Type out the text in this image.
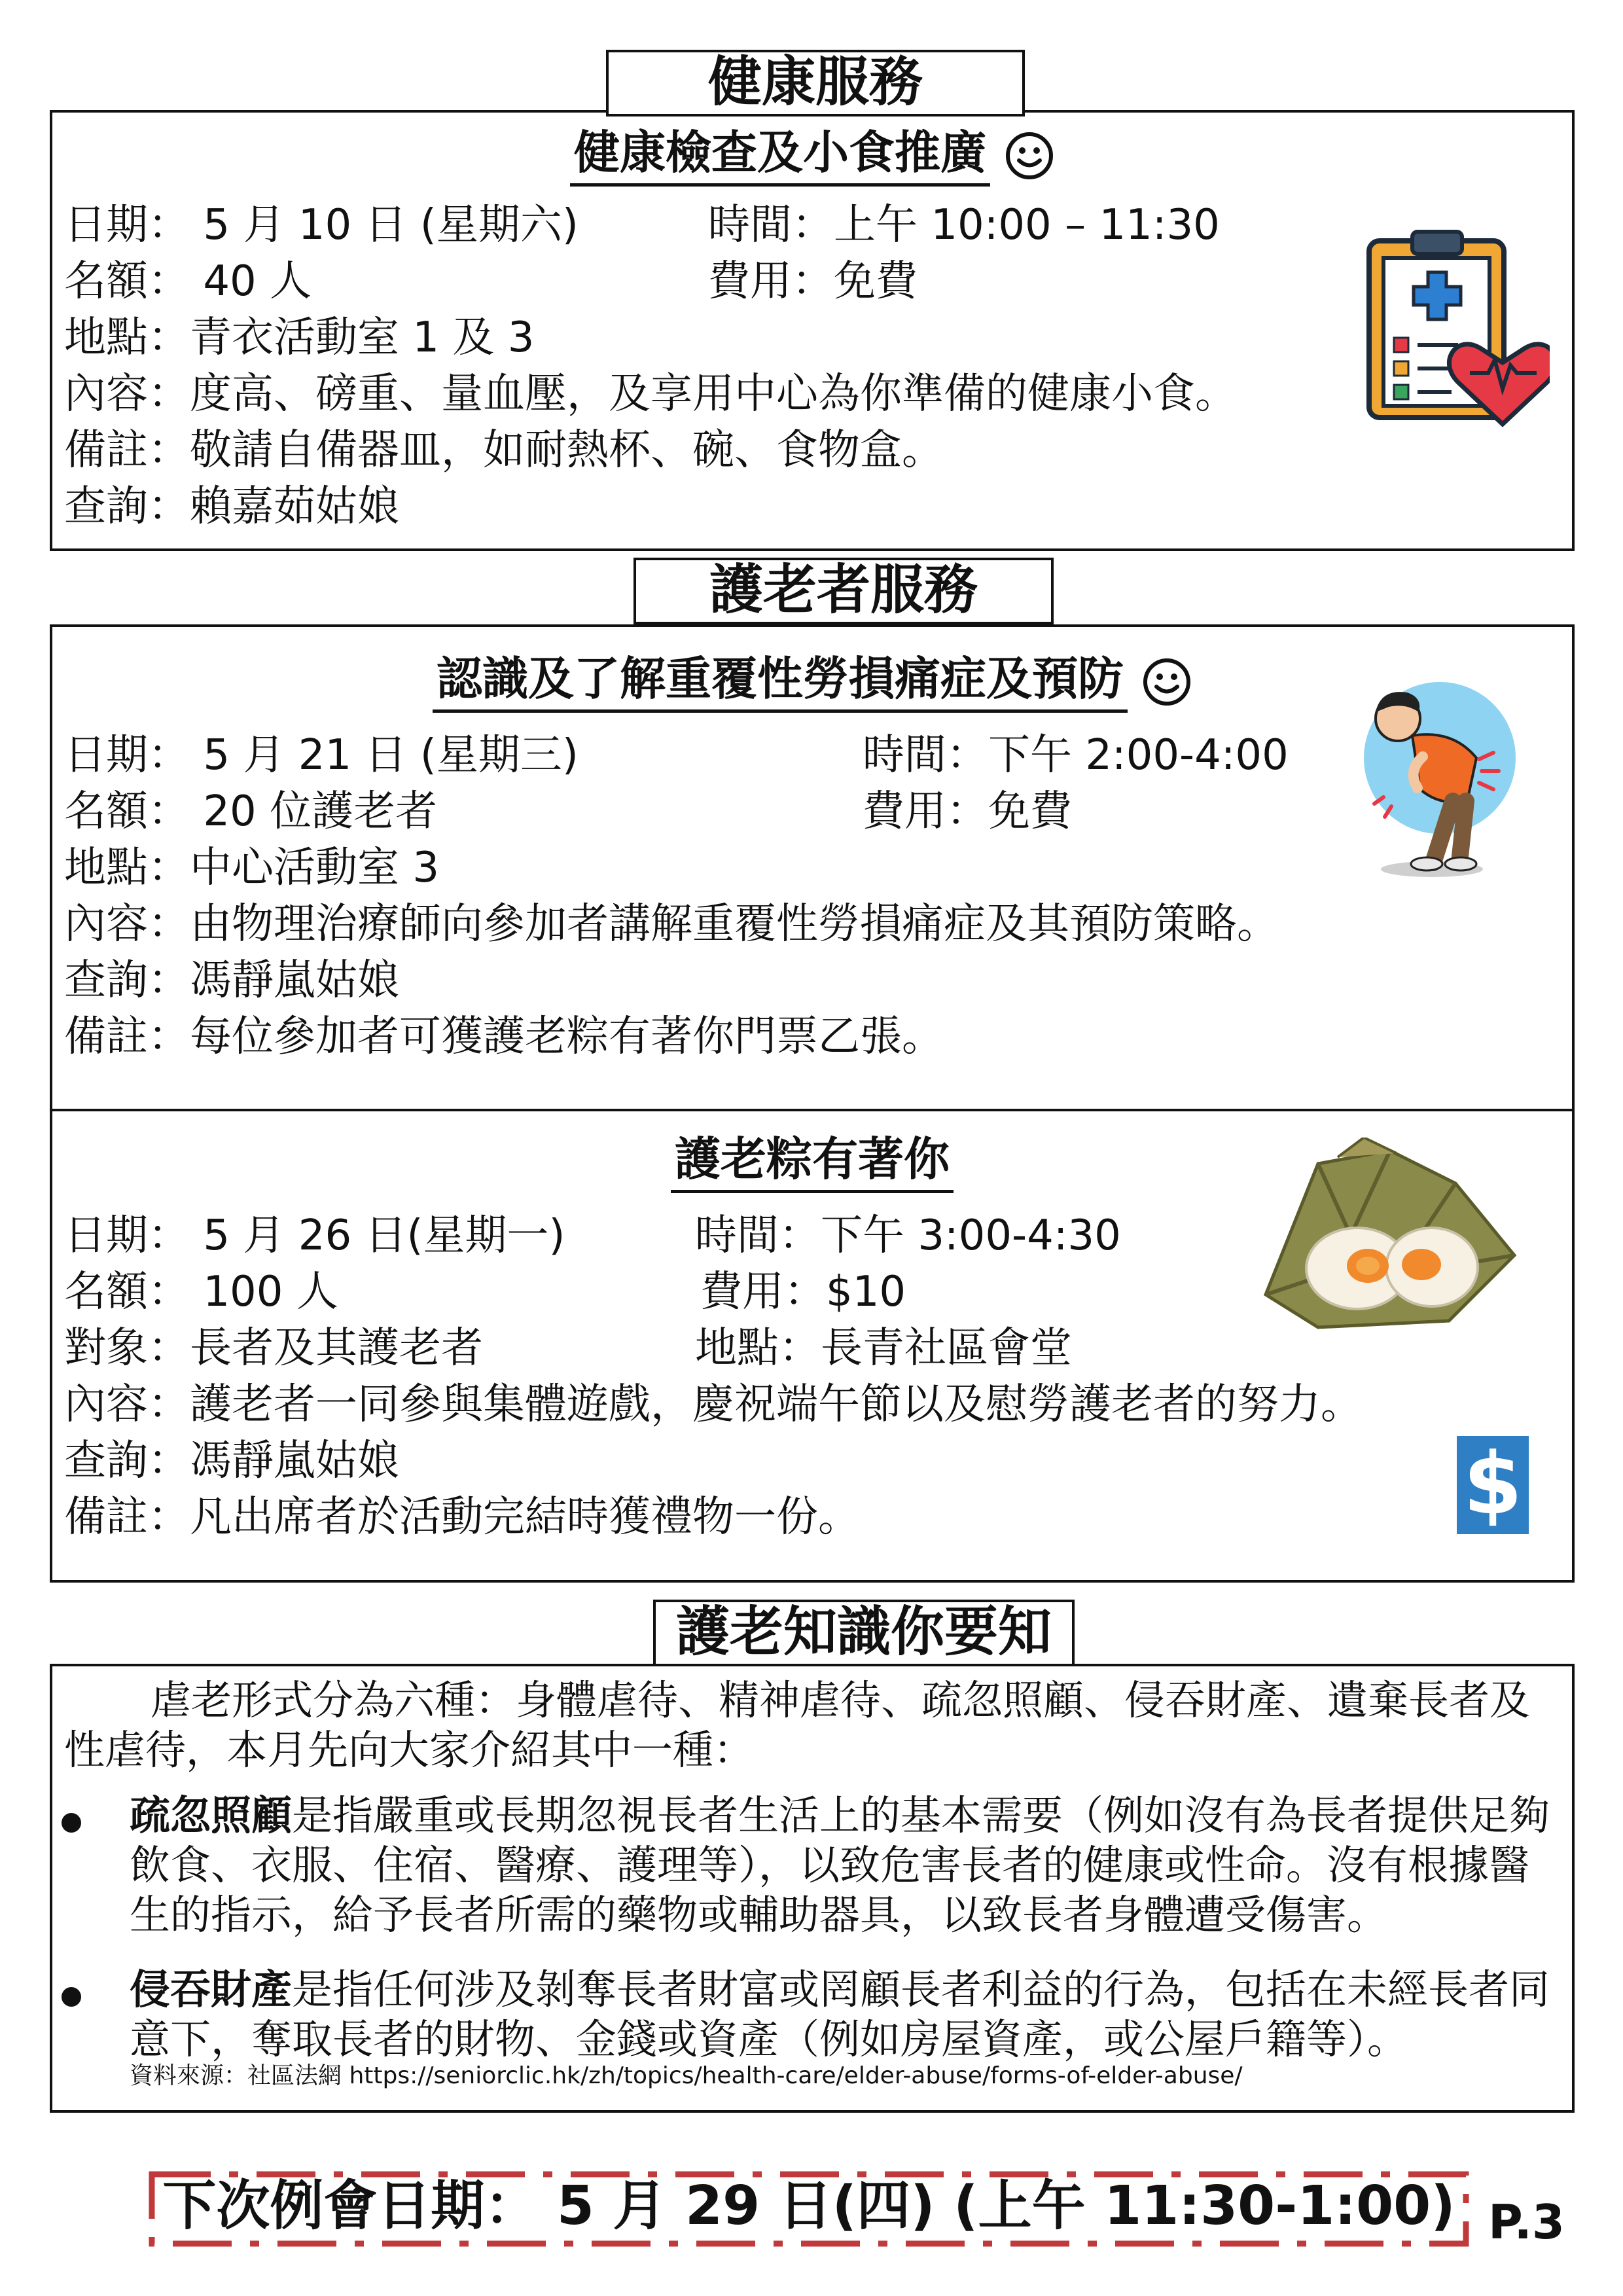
健康服務
健康檢查及小食推廣
日期： 5 月 10 日 (星期六)	時間：上午 10:00 – 11:30
名額： 40 人	費用：免費
地點：青衣活動室 1 及 3
內容：度高、磅重、量血壓，及享用中心為你準備的健康小食。
備註：敬請自備器皿，如耐熱杯、碗、食物盒。
查詢：賴嘉茹姑娘
護老者服務
認識及了解重覆性勞損痛症及預防
日期： 5 月 21 日 (星期三)	時間：下午 2:00-4:00
名額： 20 位護老者	費用：免費
地點：中心活動室 3
內容：由物理治療師向參加者講解重覆性勞損痛症及其預防策略。
查詢：馮靜嵐姑娘
備註：每位參加者可獲護老粽有著你門票乙張。
護老粽有著你
日期： 5 月 26 日(星期一)	時間：下午 3:00-4:30
名額： 100 人	費用：$10
對象：長者及其護老者	地點：長青社區會堂
內容：護老者一同參與集體遊戲，慶祝端午節以及慰勞護老者的努力。
查詢：馮靜嵐姑娘
備註：凡出席者於活動完結時獲禮物一份。	$
護老知識你要知
虐老形式分為六種：身體虐待、精神虐待、疏忽照顧、侵吞財產、遺棄長者及性虐待，本月先向大家介紹其中一種：
疏忽照顧是指嚴重或長期忽視長者生活上的基本需要（例如沒有為長者提供足夠飲食、衣服、住宿、醫療、護理等），以致危害長者的健康或性命。沒有根據醫生的指示，給予長者所需的藥物或輔助器具，以致長者身體遭受傷害。
侵吞財產是指任何涉及剝奪長者財富或罔顧長者利益的行為，包括在未經長者同意下，奪取長者的財物、金錢或資產（例如房屋資產，或公屋戶籍等）。
資料來源：社區法網 https://seniorclic.hk/zh/topics/health-care/elder-abuse/forms-of-elder-abuse/
下次例會日期： 5 月 29 日(四) (上午 11:30-1:00) P.3
